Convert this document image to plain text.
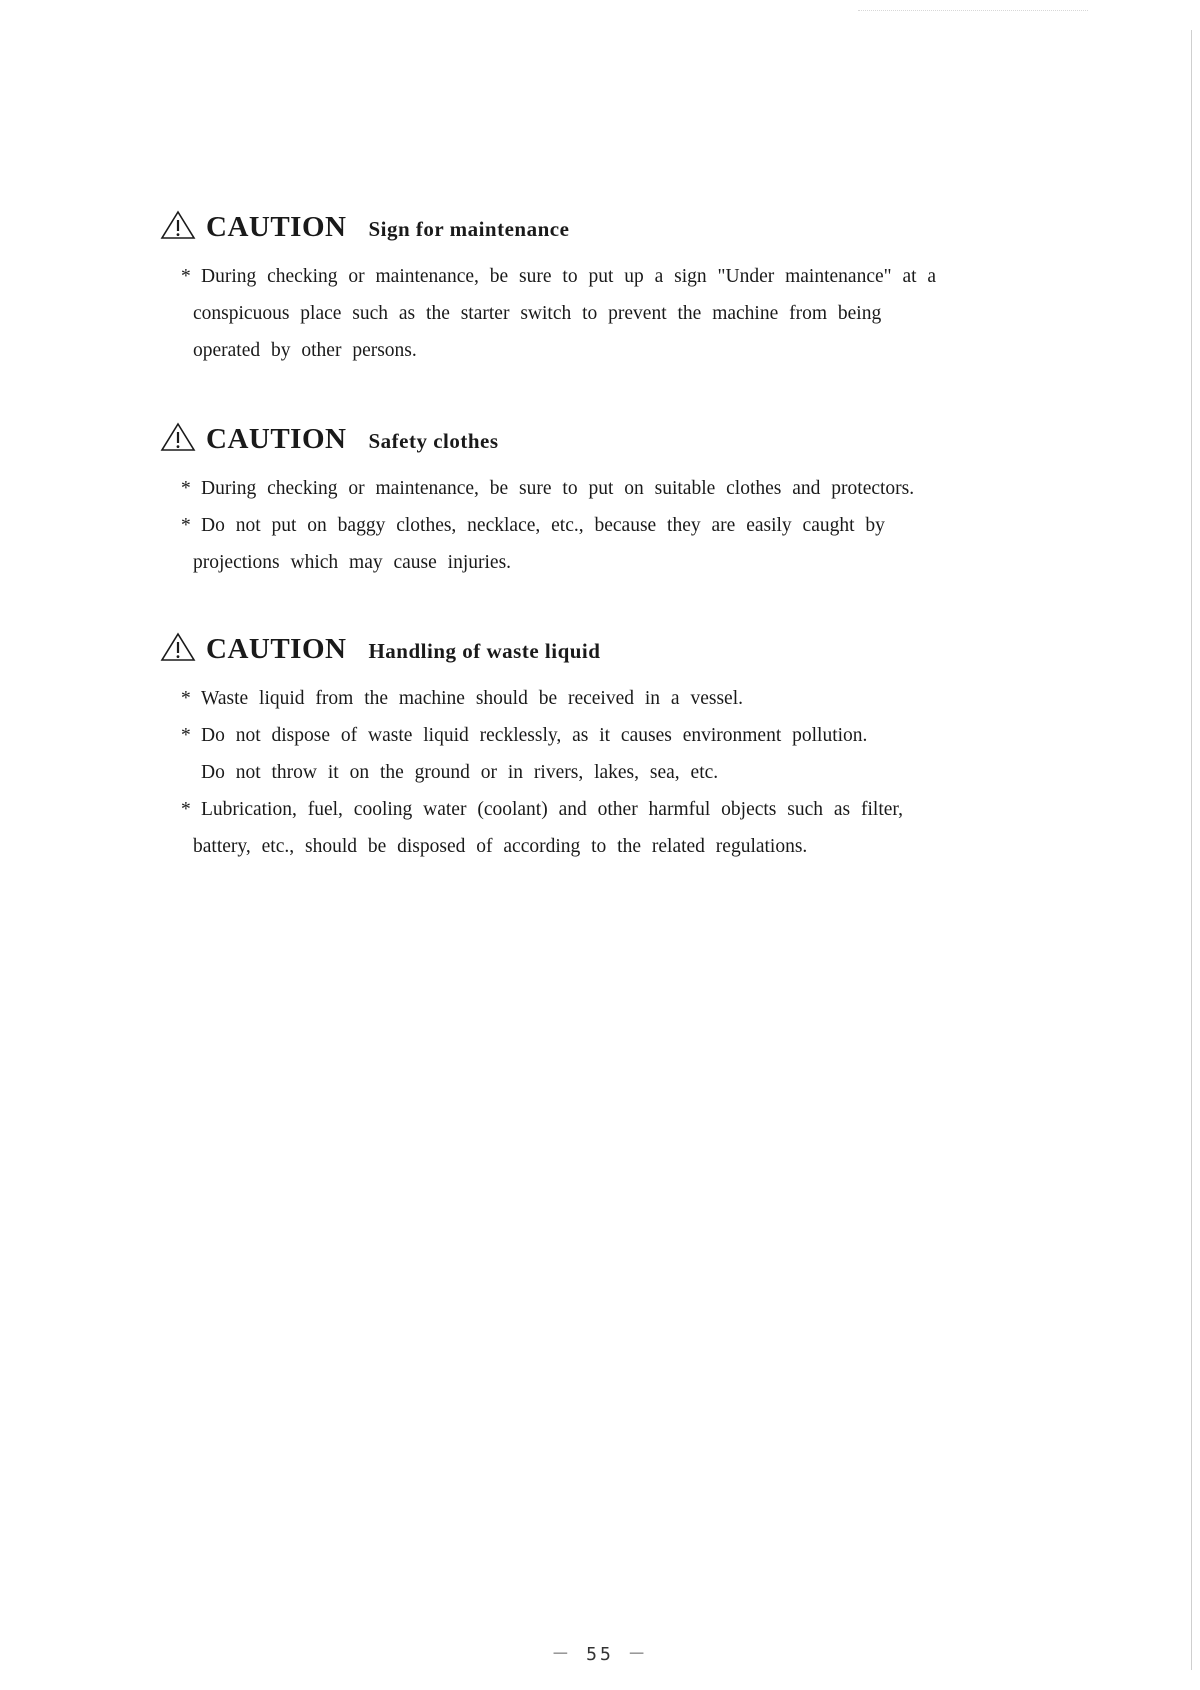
CAUTION Sign for maintenance
* During checking or maintenance, be sure to put up a sign "Under maintenance" at a
conspicuous place such as the starter switch to prevent the machine from being
operated by other persons.
CAUTION Safety clothes
* During checking or maintenance, be sure to put on suitable clothes and protectors.
* Do not put on baggy clothes, necklace, etc., because they are easily caught by
projections which may cause injuries.
CAUTION Handling of waste liquid
* Waste liquid from the machine should be received in a vessel.
* Do not dispose of waste liquid recklessly, as it causes environment pollution.
Do not throw it on the ground or in rivers, lakes, sea, etc.
* Lubrication, fuel, cooling water (coolant) and other harmful objects such as filter,
battery, etc., should be disposed of according to the related regulations.
－ 55 －
